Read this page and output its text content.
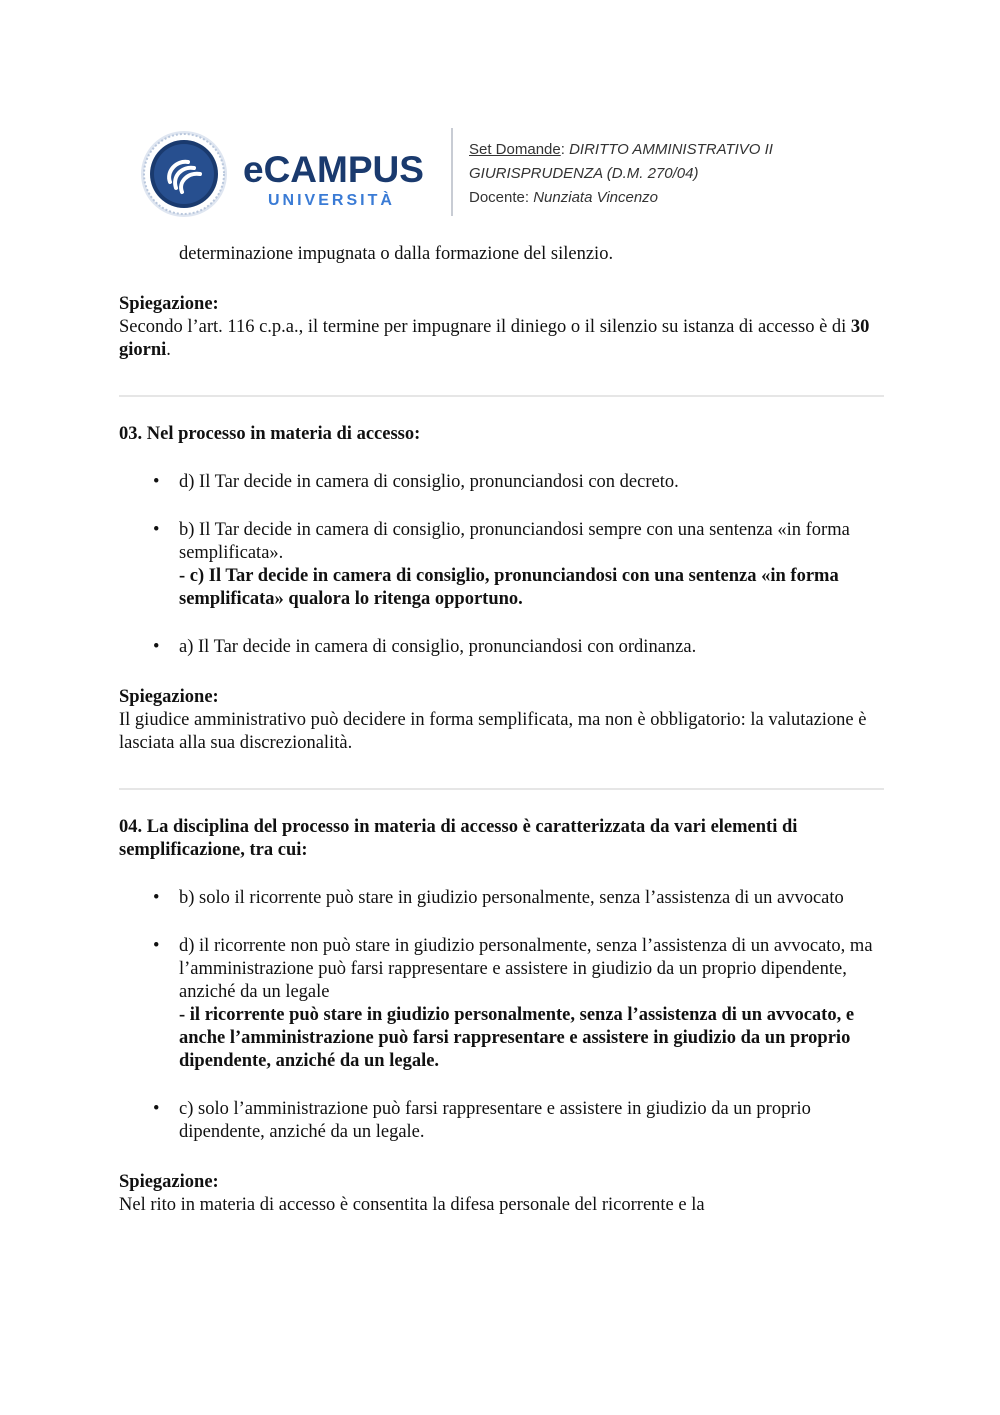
eCAMPUS
UNIVERSITÀ
Set Domande: DIRITTO AMMINISTRATIVO II
GIURISPRUDENZA (D.M. 270/04)
Docente: Nunziata Vincenzo

determinazione impugnata o dalla formazione del silenzio.

Spiegazione:

Secondo l’art. 116 c.p.a., il termine per impugnare il diniego o il silenzio su istanza di accesso è di 30 giorni.

03. Nel processo in materia di accesso:

• d) Il Tar decide in camera di consiglio, pronunciandosi con decreto.
• b) Il Tar decide in camera di consiglio, pronunciandosi sempre con una sentenza «in forma semplificata».
- c) Il Tar decide in camera di consiglio, pronunciandosi con una sentenza «in forma semplificata» qualora lo ritenga opportuno.
• a) Il Tar decide in camera di consiglio, pronunciandosi con ordinanza.

Spiegazione:

Il giudice amministrativo può decidere in forma semplificata, ma non è obbligatorio: la valutazione è lasciata alla sua discrezionalità.

04. La disciplina del processo in materia di accesso è caratterizzata da vari elementi di semplificazione, tra cui:

• b) solo il ricorrente può stare in giudizio personalmente, senza l’assistenza di un avvocato
• d) il ricorrente non può stare in giudizio personalmente, senza l’assistenza di un avvocato, ma l’amministrazione può farsi rappresentare e assistere in giudizio da un proprio dipendente, anziché da un legale
- il ricorrente può stare in giudizio personalmente, senza l’assistenza di un avvocato, e anche l’amministrazione può farsi rappresentare e assistere in giudizio da un proprio dipendente, anziché da un legale.
• c) solo l’amministrazione può farsi rappresentare e assistere in giudizio da un proprio dipendente, anziché da un legale.

Spiegazione:

Nel rito in materia di accesso è consentita la difesa personale del ricorrente e la
